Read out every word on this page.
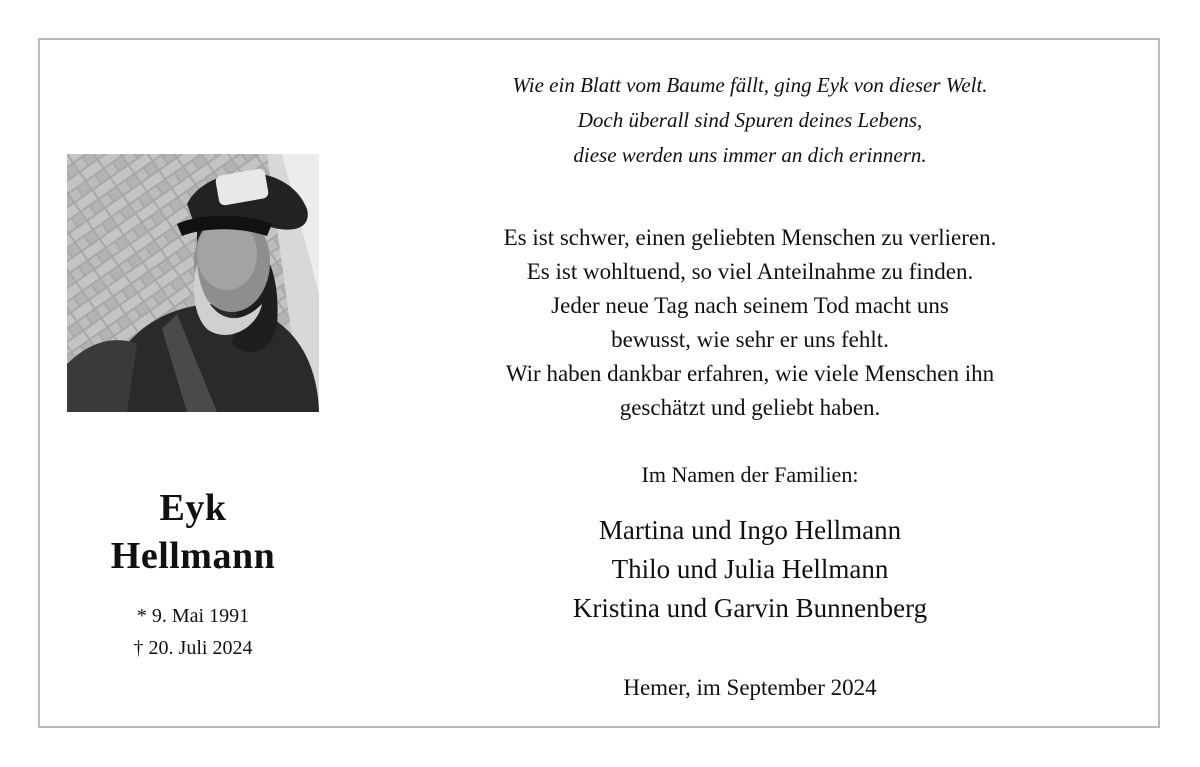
Eyk
Hellmann
* 9. Mai 1991
† 20. Juli 2024
Wie ein Blatt vom Baume fällt, ging Eyk von dieser Welt.
Doch überall sind Spuren deines Lebens,
diese werden uns immer an dich erinnern.
Es ist schwer, einen geliebten Menschen zu verlieren.
Es ist wohltuend, so viel Anteilnahme zu finden.
Jeder neue Tag nach seinem Tod macht uns
bewusst, wie sehr er uns fehlt.
Wir haben dankbar erfahren, wie viele Menschen ihn
geschätzt und geliebt haben.
Im Namen der Familien:
Martina und Ingo Hellmann
Thilo und Julia Hellmann
Kristina und Garvin Bunnenberg
Hemer, im September 2024
